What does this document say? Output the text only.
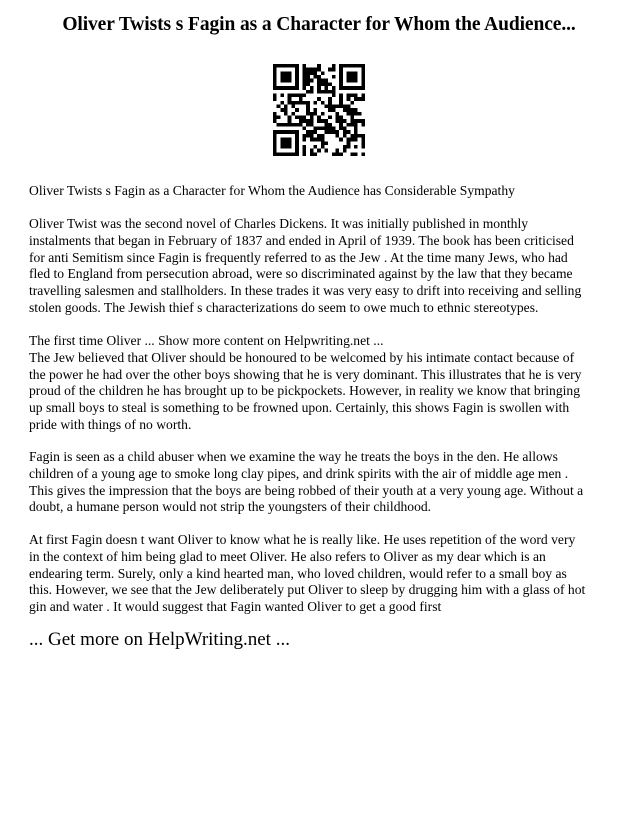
Oliver Twists s Fagin as a Character for Whom the Audience...
Oliver Twists s Fagin as a Character for Whom the Audience has Considerable Sympathy
Oliver Twist was the second novel of Charles Dickens. It was initially published in monthly
instalments that began in February of 1837 and ended in April of 1939. The book has been criticised
for anti Semitism since Fagin is frequently referred to as the Jew . At the time many Jews, who had
fled to England from persecution abroad, were so discriminated against by the law that they became
travelling salesmen and stallholders. In these trades it was very easy to drift into receiving and selling
stolen goods. The Jewish thief s characterizations do seem to owe much to ethnic stereotypes.
The first time Oliver ... Show more content on Helpwriting.net ...
The Jew believed that Oliver should be honoured to be welcomed by his intimate contact because of
the power he had over the other boys showing that he is very dominant. This illustrates that he is very
proud of the children he has brought up to be pickpockets. However, in reality we know that bringing
up small boys to steal is something to be frowned upon. Certainly, this shows Fagin is swollen with
pride with things of no worth.
Fagin is seen as a child abuser when we examine the way he treats the boys in the den. He allows
children of a young age to smoke long clay pipes, and drink spirits with the air of middle age men .
This gives the impression that the boys are being robbed of their youth at a very young age. Without a
doubt, a humane person would not strip the youngsters of their childhood.
At first Fagin doesn t want Oliver to know what he is really like. He uses repetition of the word very
in the context of him being glad to meet Oliver. He also refers to Oliver as my dear which is an
endearing term. Surely, only a kind hearted man, who loved children, would refer to a small boy as
this. However, we see that the Jew deliberately put Oliver to sleep by drugging him with a glass of hot
gin and water . It would suggest that Fagin wanted Oliver to get a good first
... Get more on HelpWriting.net ...
